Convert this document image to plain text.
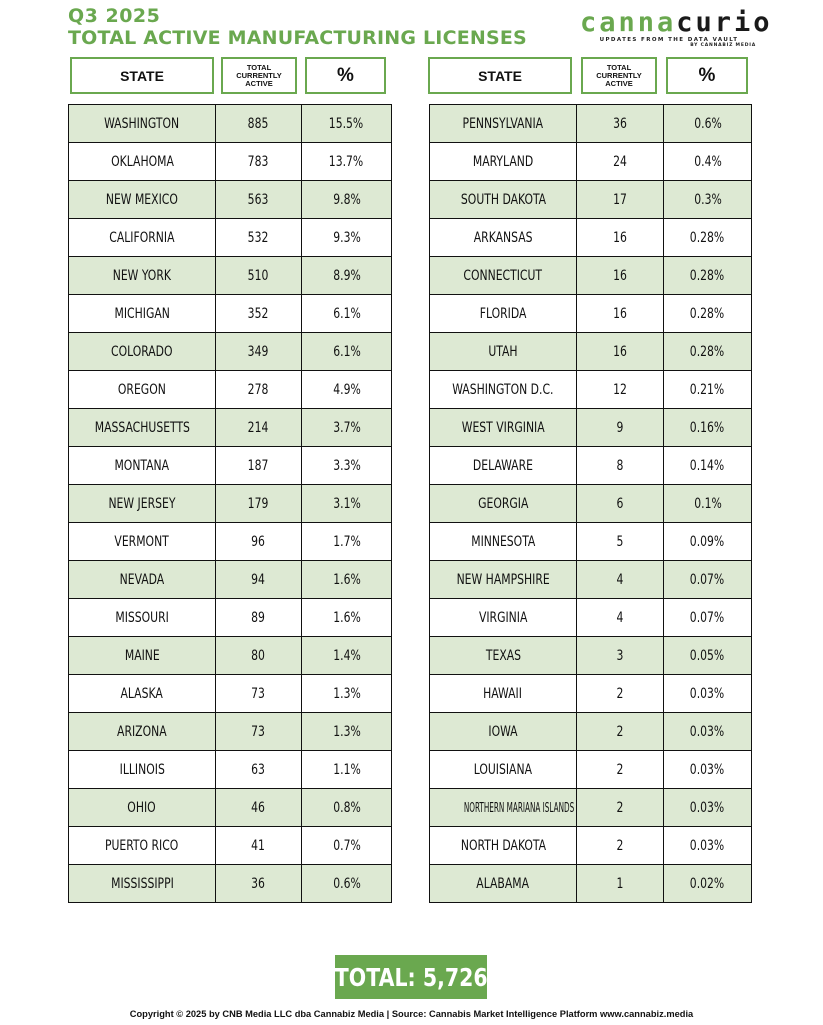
Q3 2025
TOTAL ACTIVE MANUFACTURING LICENSES cannacurio
UPDATES FROM THE DATA VAULT
BY CANNABIZ MEDIA
STATE
TOTAL
CURRENTLY
ACTIVE	%	STATE
TOTAL
CURRENTLY
ACTIVE	%
WASHINGTON	885	15.5%
OKLAHOMA	783	13.7%
NEW MEXICO	563	9.8%
CALIFORNIA	532	9.3%
NEW YORK	510	8.9%
MICHIGAN	352	6.1%
COLORADO	349	6.1%
OREGON	278	4.9%
MASSACHUSETTS	214	3.7%
MONTANA	187	3.3%
NEW JERSEY	179	3.1%
VERMONT	96	1.7%
NEVADA	94	1.6%
MISSOURI	89	1.6%
MAINE	80	1.4%
ALASKA	73	1.3%
ARIZONA	73	1.3%
ILLINOIS	63	1.1%
OHIO	46	0.8%
PUERTO RICO	41	0.7%
MISSISSIPPI	36	0.6%
PENNSYLVANIA	36	0.6%
MARYLAND	24	0.4%
SOUTH DAKOTA	17	0.3%
ARKANSAS	16	0.28%
CONNECTICUT	16	0.28%
FLORIDA	16	0.28%
UTAH	16	0.28%
WASHINGTON D.C.	12	0.21%
WEST VIRGINIA	9	0.16%
DELAWARE	8	0.14%
GEORGIA	6	0.1%
MINNESOTA	5	0.09%
NEW HAMPSHIRE	4	0.07%
VIRGINIA	4	0.07%
TEXAS	3	0.05%
HAWAII	2	0.03%
IOWA	2	0.03%
LOUISIANA	2	0.03%
NORTHERN MARIANA ISLANDS	2	0.03%
NORTH DAKOTA	2	0.03%
ALABAMA	1	0.02%
TOTAL: 5,726
Copyright © 2025 by CNB Media LLC dba Cannabiz Media | Source: Cannabis Market Intelligence Platform www.cannabiz.media
